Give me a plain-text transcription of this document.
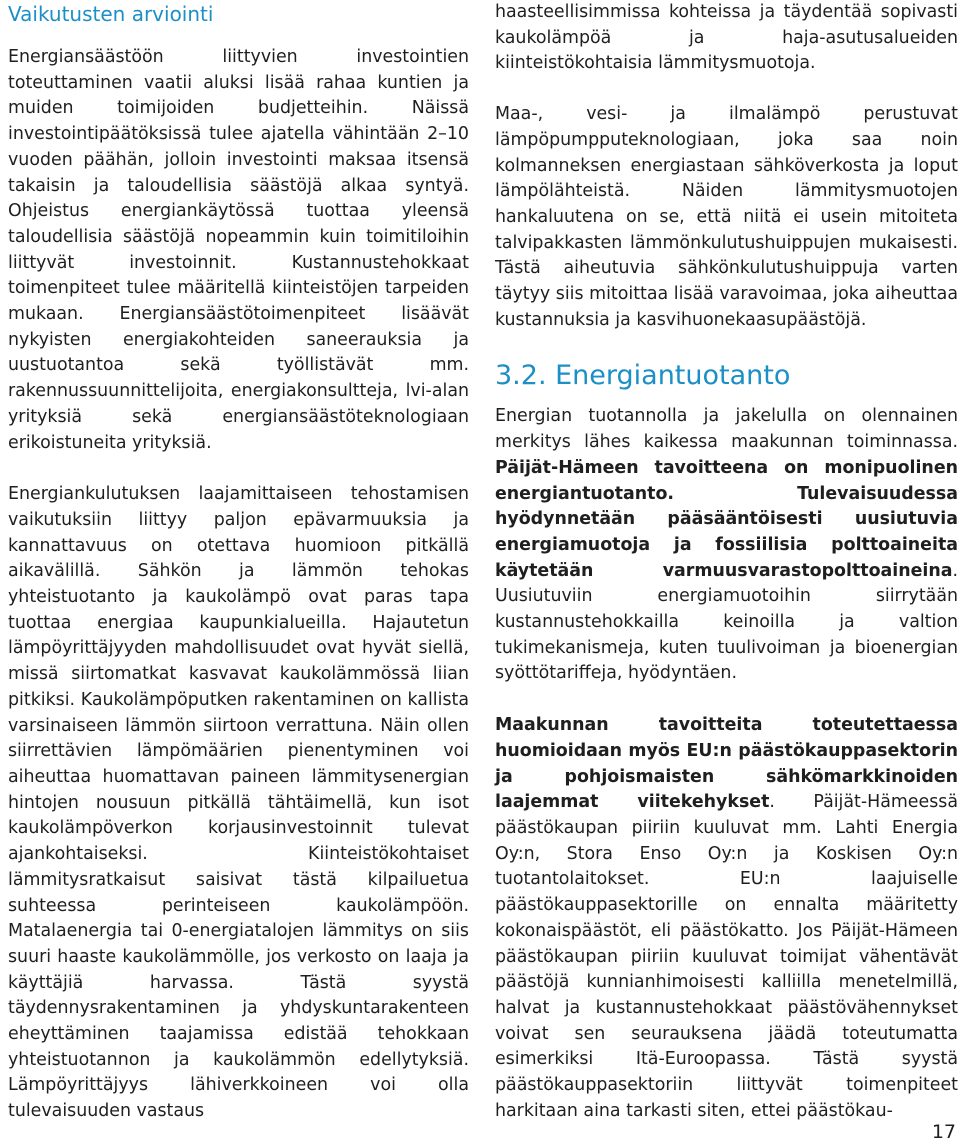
Vaikutusten arviointi

Energiansäästöön liittyvien investointien toteuttaminen vaatii aluksi lisää rahaa kuntien ja muiden toimijoiden budjetteihin. Näissä investointipäätöksissä tulee ajatella vähintään 2–10 vuoden päähän, jolloin investointi maksaa itsensä takaisin ja taloudellisia säästöjä alkaa syntyä. Ohjeistus energiankäytössä tuottaa yleensä taloudellisia säästöjä nopeammin kuin toimitiloihin liittyvät investoinnit. Kustannustehokkaat toimenpiteet tulee määritellä kiinteistöjen tarpeiden mukaan. Energiansäästötoimenpiteet lisäävät nykyisten energiakohteiden saneerauksia ja uustuotantoa sekä työllistävät mm. rakennussuunnittelijoita, energiakonsultteja, lvi-alan yrityksiä sekä energiansäästöteknologiaan erikoistuneita yrityksiä.

Energiankulutuksen laajamittaiseen tehostamisen vaikutuksiin liittyy paljon epävarmuuksia ja kannattavuus on otettava huomioon pitkällä aikavälillä. Sähkön ja lämmön tehokas yhteistuotanto ja kaukolämpö ovat paras tapa tuottaa energiaa kaupunkialueilla. Hajautetun lämpöyrittäjyyden mahdollisuudet ovat hyvät siellä, missä siirtomatkat kasvavat kaukolämmössä liian pitkiksi. Kaukolämpöputken rakentaminen on kallista varsinaiseen lämmön siirtoon verrattuna. Näin ollen siirrettävien lämpömäärien pienentyminen voi aiheuttaa huomattavan paineen lämmitysenergian hintojen nousuun pitkällä tähtäimellä, kun isot kaukolämpöverkon korjausinvestoinnit tulevat ajankohtaiseksi. Kiinteistökohtaiset lämmitysratkaisut saisivat tästä kilpailuetua suhteessa perinteiseen kaukolämpöön. Matalaenergia tai 0-energiatalojen lämmitys on siis suuri haaste kaukolämmölle, jos verkosto on laaja ja käyttäjiä harvassa. Tästä syystä täydennysrakentaminen ja yhdyskuntarakenteen eheyttäminen taajamissa edistää tehokkaan yhteistuotannon ja kaukolämmön edellytyksiä. Lämpöyrittäjyys lähiverkkoineen voi olla tulevaisuuden vastaus

haasteellisimmissa kohteissa ja täydentää sopivasti kaukolämpöä ja haja-asutusalueiden kiinteistökohtaisia lämmitysmuotoja.

Maa-, vesi- ja ilmalämpö perustuvat lämpöpumpputeknologiaan, joka saa noin kolmanneksen energiastaan sähköverkosta ja loput lämpölähteistä. Näiden lämmitysmuotojen hankaluutena on se, että niitä ei usein mitoiteta talvipakkasten lämmönkulutushuippujen mukaisesti. Tästä aiheutuvia sähkönkulutushuippuja varten täytyy siis mitoittaa lisää varavoimaa, joka aiheuttaa kustannuksia ja kasvihuonekaasupäästöjä.

3.2. Energiantuotanto

Energian tuotannolla ja jakelulla on olennainen merkitys lähes kaikessa maakunnan toiminnassa. Päijät-Hämeen tavoitteena on monipuolinen energiantuotanto. Tulevaisuudessa hyödynnetään pääsääntöisesti uusiutuvia energiamuotoja ja fossiilisia polttoaineita käytetään varmuusvarastopolttoaineina. Uusiutuviin energiamuotoihin siirrytään kustannustehokkailla keinoilla ja valtion tukimekanismeja, kuten tuulivoiman ja bioenergian syöttötariffeja, hyödyntäen.

Maakunnan tavoitteita toteutettaessa huomioidaan myös EU:n päästökauppasektorin ja pohjoismaisten sähkömarkkinoiden laajemmat viitekehykset. Päijät-Hämeessä päästökaupan piiriin kuuluvat mm. Lahti Energia Oy:n, Stora Enso Oy:n ja Koskisen Oy:n tuotantolaitokset. EU:n laajuiselle päästökauppasektorille on ennalta määritetty kokonaispäästöt, eli päästökatto. Jos Päijät-Hämeen päästökaupan piiriin kuuluvat toimijat vähentävät päästöjä kunnianhimoisesti kalliilla menetelmillä, halvat ja kustannustehokkaat päästövähennykset voivat sen seurauksena jäädä toteutumatta esimerkiksi Itä-Euroopassa. Tästä syystä päästökauppasektoriin liittyvät toimenpiteet harkitaan aina tarkasti siten, ettei päästökau-

17
